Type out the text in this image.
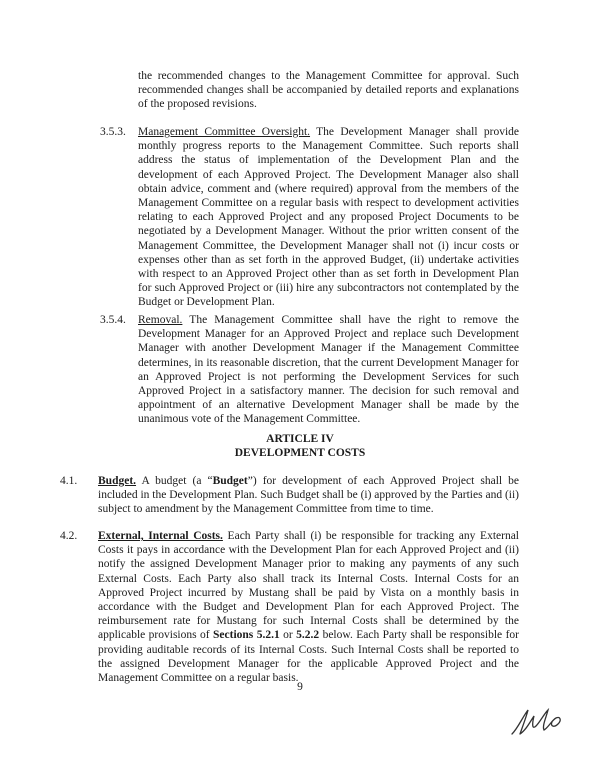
the recommended changes to the Management Committee for approval. Such recommended changes shall be accompanied by detailed reports and explanations of the proposed revisions.
3.5.3. Management Committee Oversight. The Development Manager shall provide monthly progress reports to the Management Committee. Such reports shall address the status of implementation of the Development Plan and the development of each Approved Project. The Development Manager also shall obtain advice, comment and (where required) approval from the members of the Management Committee on a regular basis with respect to development activities relating to each Approved Project and any proposed Project Documents to be negotiated by a Development Manager. Without the prior written consent of the Management Committee, the Development Manager shall not (i) incur costs or expenses other than as set forth in the approved Budget, (ii) undertake activities with respect to an Approved Project other than as set forth in Development Plan for such Approved Project or (iii) hire any subcontractors not contemplated by the Budget or Development Plan.
3.5.4. Removal. The Management Committee shall have the right to remove the Development Manager for an Approved Project and replace such Development Manager with another Development Manager if the Management Committee determines, in its reasonable discretion, that the current Development Manager for an Approved Project is not performing the Development Services for such Approved Project in a satisfactory manner. The decision for such removal and appointment of an alternative Development Manager shall be made by the unanimous vote of the Management Committee.
ARTICLE IV
DEVELOPMENT COSTS
4.1. Budget. A budget (a “Budget”) for development of each Approved Project shall be included in the Development Plan. Such Budget shall be (i) approved by the Parties and (ii) subject to amendment by the Management Committee from time to time.
4.2. External, Internal Costs. Each Party shall (i) be responsible for tracking any External Costs it pays in accordance with the Development Plan for each Approved Project and (ii) notify the assigned Development Manager prior to making any payments of any such External Costs. Each Party also shall track its Internal Costs. Internal Costs for an Approved Project incurred by Mustang shall be paid by Vista on a monthly basis in accordance with the Budget and Development Plan for each Approved Project. The reimbursement rate for Mustang for such Internal Costs shall be determined by the applicable provisions of Sections 5.2.1 or 5.2.2 below. Each Party shall be responsible for providing auditable records of its Internal Costs. Such Internal Costs shall be reported to the assigned Development Manager for the applicable Approved Project and the Management Committee on a regular basis.
9
